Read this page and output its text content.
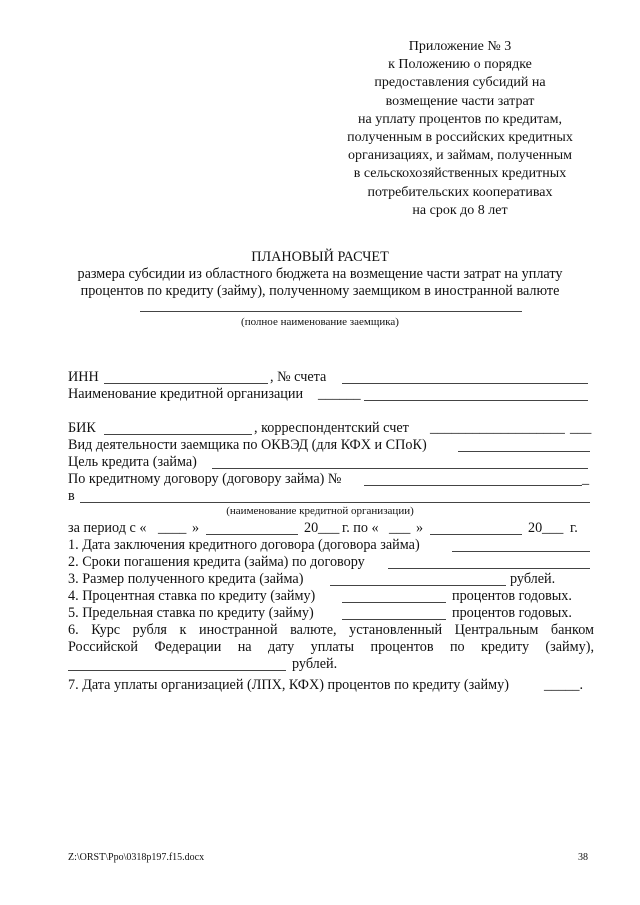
Приложение № 3
к Положению о порядке
предоставления субсидий на
возмещение части затрат
на уплату процентов по кредитам,
полученным в российских кредитных
организациях, и займам, полученным
в сельскохозяйственных кредитных
потребительских кооперативах
на срок до 8 лет
ПЛАНОВЫЙ РАСЧЕТ
размера субсидии из областного бюджета на возмещение части затрат на уплату
процентов по кредиту (займу), полученному заемщиком в иностранной валюте
(полное наименование заемщика)
ИНН	, № счета
Наименование кредитной организации ______
БИК	, корреспондентский счет ___________________ ___
Вид деятельности заемщика по ОКВЭД (для КФХ и СПоК)
Цель кредита (займа)
По кредитному договору (договору займа) №	_
в
(наименование кредитной организации)
за период с « ____ »	20 ___ г. по « ___ »	20 ___ г.
1. Дата заключения кредитного договора (договора займа)
2. Сроки погашения кредита (займа) по договору
3. Размер полученного кредита (займа)	рублей.
4. Процентная ставка по кредиту (займу)	процентов годовых.
5. Предельная ставка по кредиту (займу)	процентов годовых.
6. Курс рубля к иностранной валюте, установленный Центральным банком
Российской Федерации на дату уплаты процентов по кредиту (займу),
рублей.
7. Дата уплаты организацией (ЛПХ, КФХ) процентов по кредиту (займу) _____.
Z:\ORST\Ppo\0318p197.f15.docx	38
